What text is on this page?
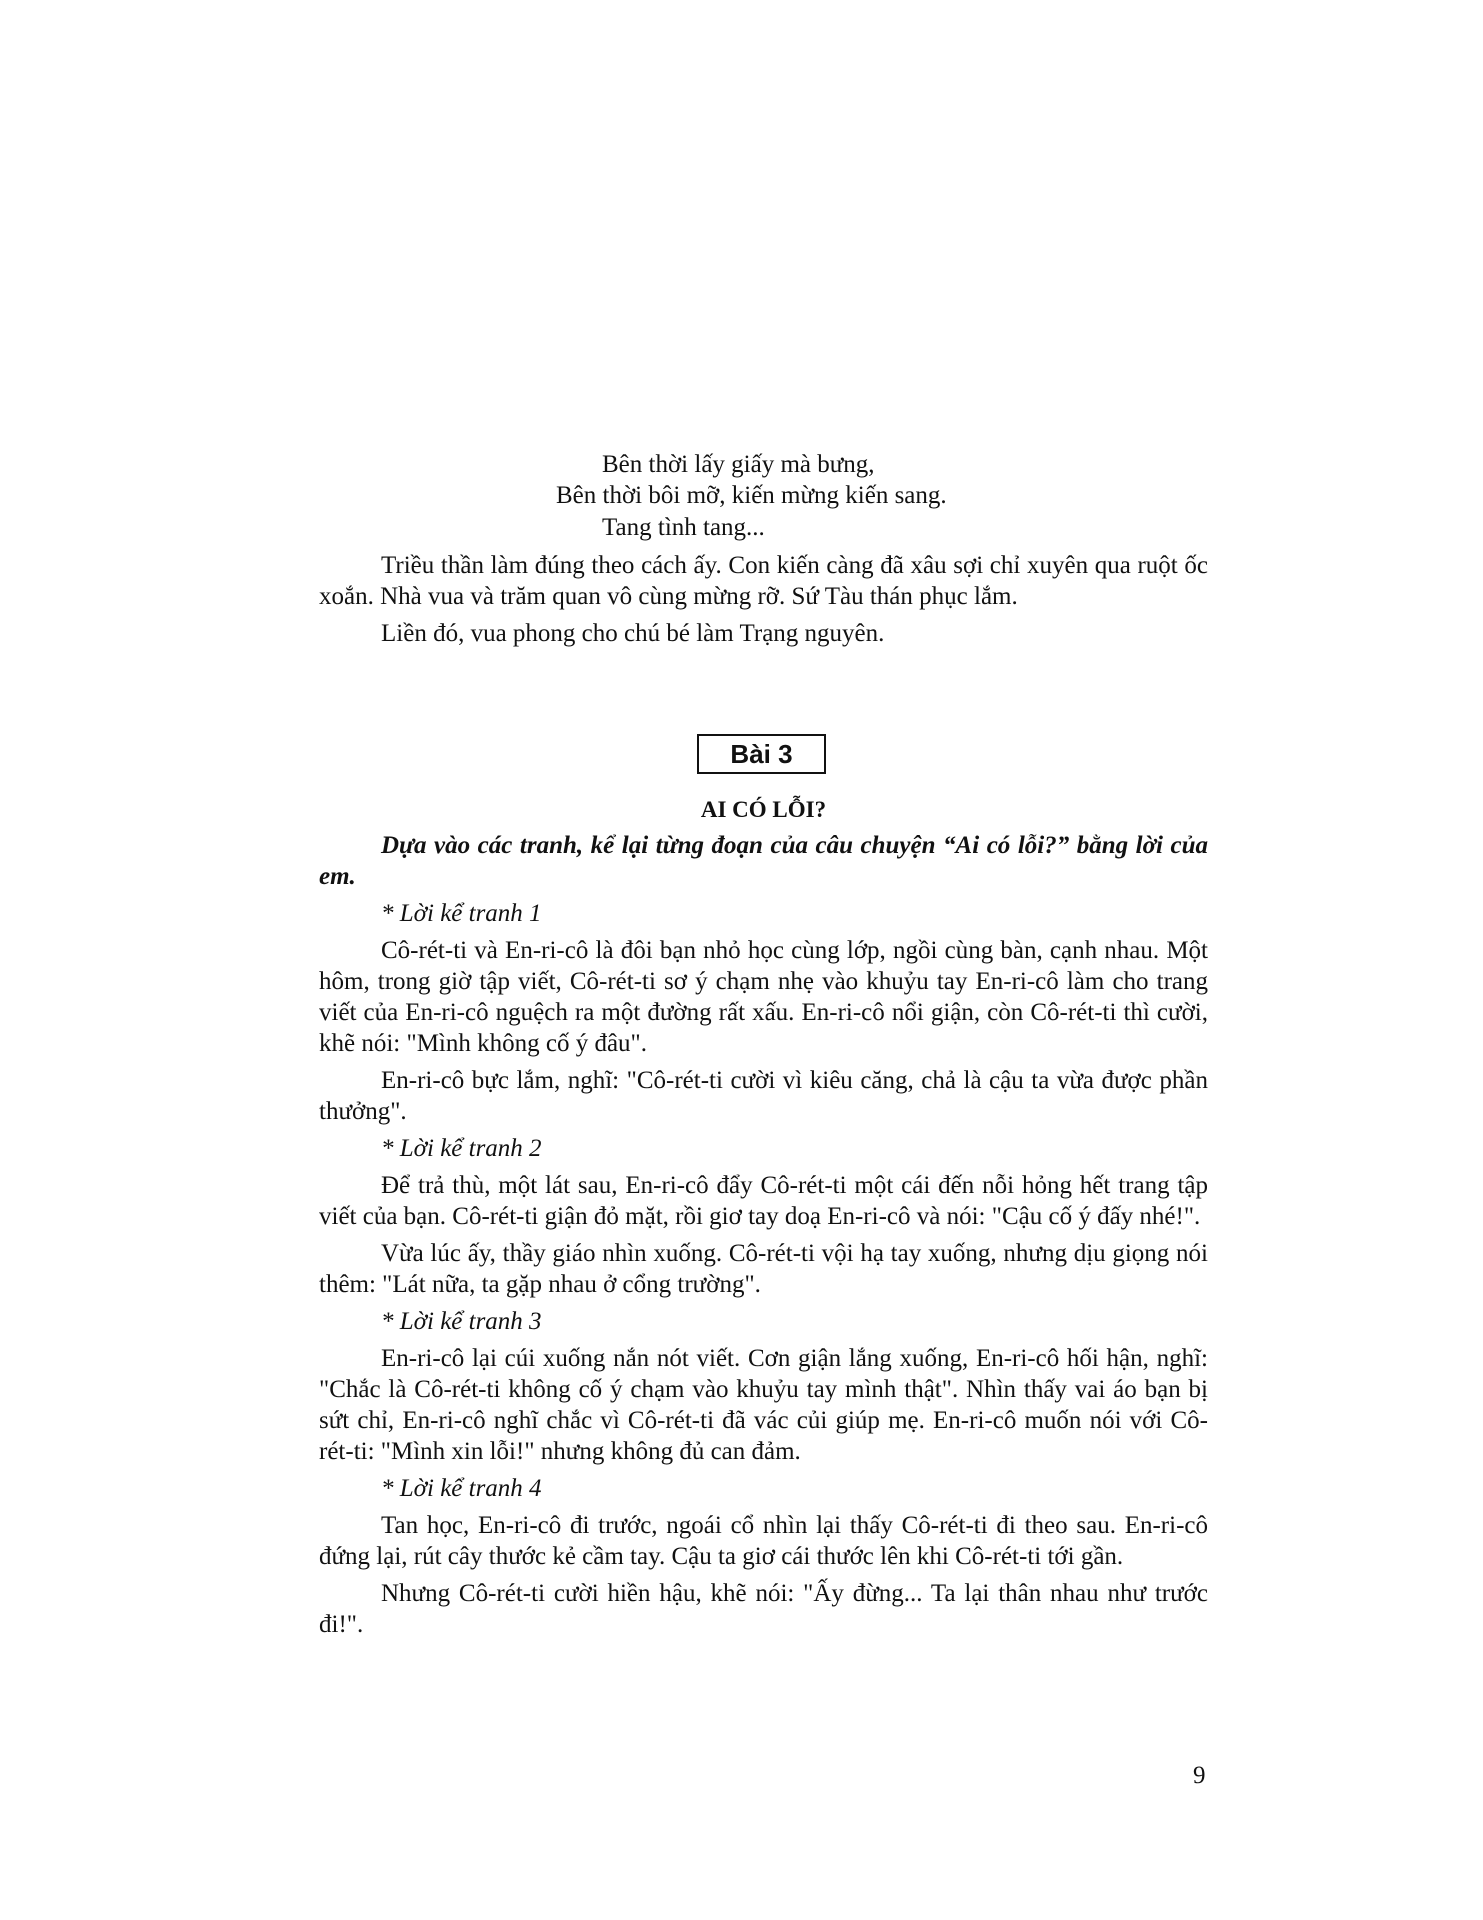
Bên thời lấy giấy mà bưng,
Bên thời bôi mỡ, kiến mừng kiến sang.
Tang tình tang...

Triều thần làm đúng theo cách ấy. Con kiến càng đã xâu sợi chỉ xuyên qua ruột ốc xoắn. Nhà vua và trăm quan vô cùng mừng rỡ. Sứ Tàu thán phục lắm.

Liền đó, vua phong cho chú bé làm Trạng nguyên.

Bài 3
AI CÓ LỖI?

Dựa vào các tranh, kể lại từng đoạn của câu chuyện “Ai có lỗi?” bằng lời của em.

* Lời kể tranh 1

Cô-rét-ti và En-ri-cô là đôi bạn nhỏ học cùng lớp, ngồi cùng bàn, cạnh nhau. Một hôm, trong giờ tập viết, Cô-rét-ti sơ ý chạm nhẹ vào khuỷu tay En-ri-cô làm cho trang viết của En-ri-cô nguệch ra một đường rất xấu. En-ri-cô nổi giận, còn Cô-rét-ti thì cười, khẽ nói: "Mình không cố ý đâu".

En-ri-cô bực lắm, nghĩ: "Cô-rét-ti cười vì kiêu căng, chả là cậu ta vừa được phần thưởng".

* Lời kể tranh 2

Để trả thù, một lát sau, En-ri-cô đẩy Cô-rét-ti một cái đến nỗi hỏng hết trang tập viết của bạn. Cô-rét-ti giận đỏ mặt, rồi giơ tay doạ En-ri-cô và nói: "Cậu cố ý đấy nhé!".

Vừa lúc ấy, thầy giáo nhìn xuống. Cô-rét-ti vội hạ tay xuống, nhưng dịu giọng nói thêm: "Lát nữa, ta gặp nhau ở cổng trường".

* Lời kể tranh 3

En-ri-cô lại cúi xuống nắn nót viết. Cơn giận lắng xuống, En-ri-cô hối hận, nghĩ: "Chắc là Cô-rét-ti không cố ý chạm vào khuỷu tay mình thật". Nhìn thấy vai áo bạn bị sứt chỉ, En-ri-cô nghĩ chắc vì Cô-rét-ti đã vác củi giúp mẹ. En-ri-cô muốn nói với Cô-rét-ti: "Mình xin lỗi!" nhưng không đủ can đảm.

* Lời kể tranh 4

Tan học, En-ri-cô đi trước, ngoái cổ nhìn lại thấy Cô-rét-ti đi theo sau. En-ri-cô đứng lại, rút cây thước kẻ cầm tay. Cậu ta giơ cái thước lên khi Cô-rét-ti tới gần.

Nhưng Cô-rét-ti cười hiền hậu, khẽ nói: "Ấy đừng... Ta lại thân nhau như trước đi!".

9
